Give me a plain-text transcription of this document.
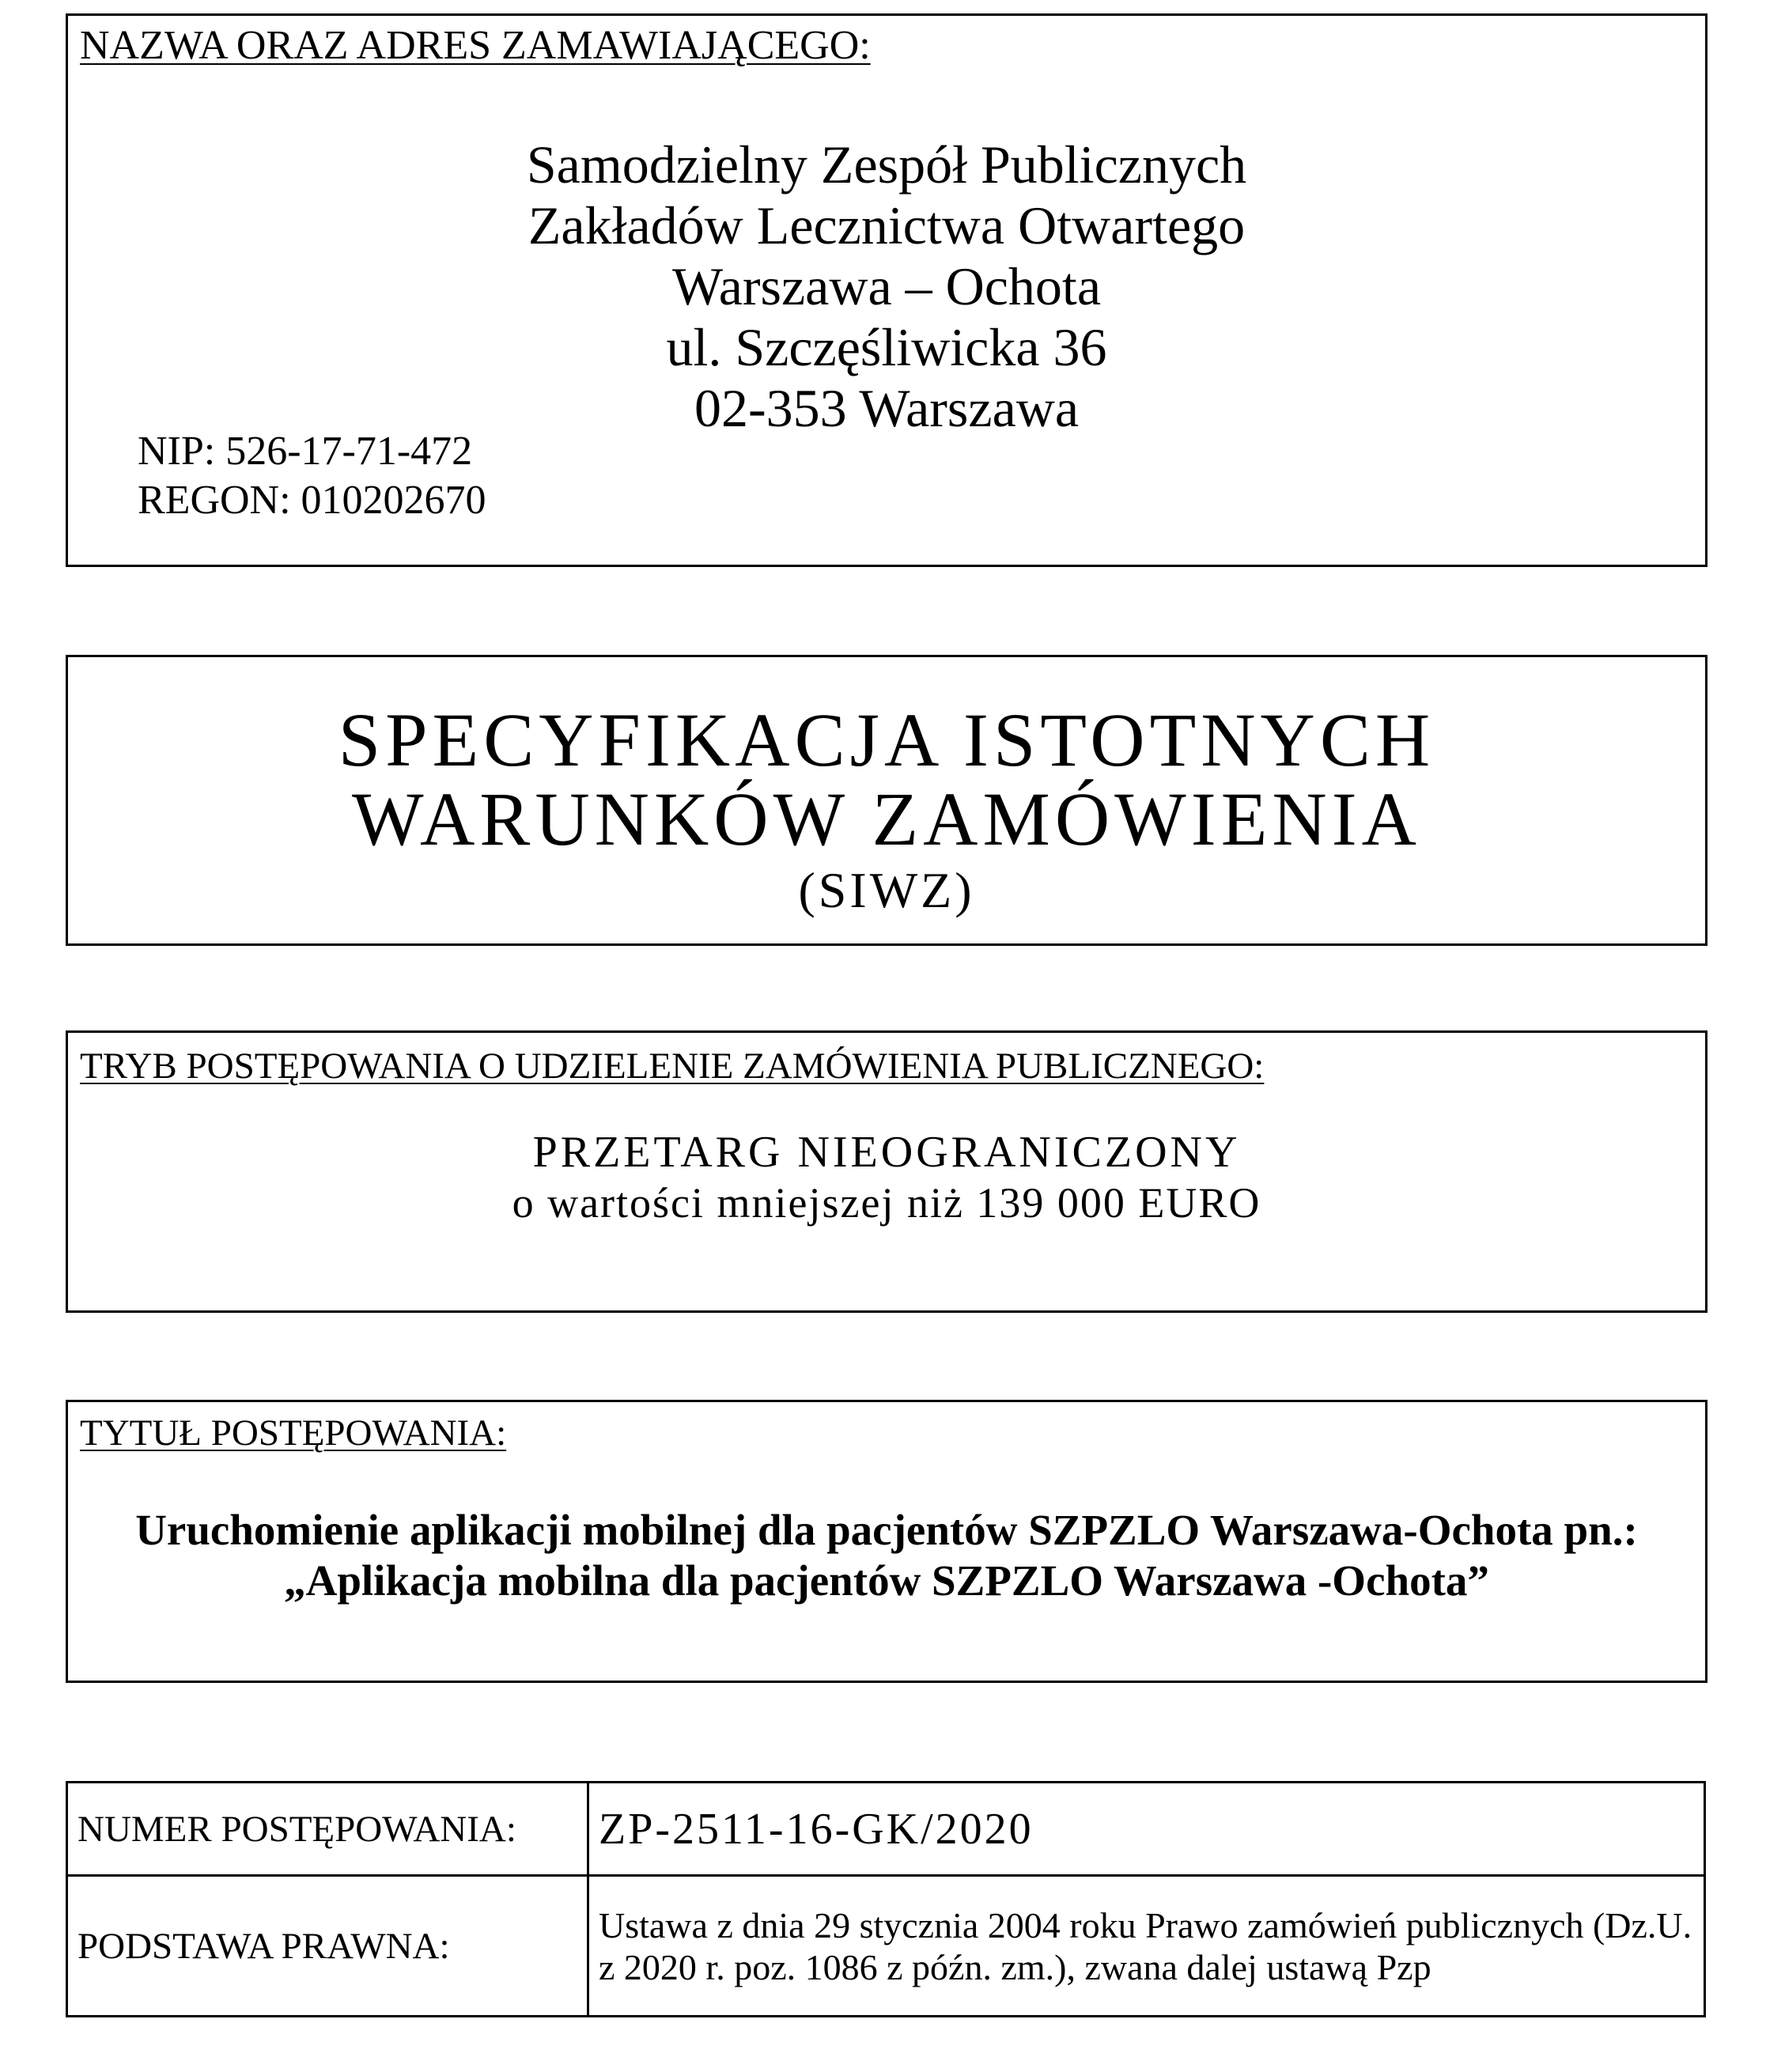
NAZWA ORAZ ADRES ZAMAWIAJĄCEGO:
Samodzielny Zespół Publicznych
Zakładów Lecznictwa Otwartego
Warszawa – Ochota
ul. Szczęśliwicka 36
02-353 Warszawa
NIP: 526-17-71-472
REGON: 010202670
SPECYFIKACJA ISTOTNYCH
WARUNKÓW ZAMÓWIENIA
(SIWZ)
TRYB POSTĘPOWANIA O UDZIELENIE ZAMÓWIENIA PUBLICZNEGO:
PRZETARG NIEOGRANICZONY
o wartości mniejszej niż 139 000 EURO
TYTUŁ POSTĘPOWANIA:
Uruchomienie aplikacji mobilnej dla pacjentów SZPZLO Warszawa-Ochota pn.:
„Aplikacja mobilna dla pacjentów SZPZLO Warszawa -Ochota”
NUMER POSTĘPOWANIA:	ZP-2511-16-GK/2020
PODSTAWA PRAWNA:	Ustawa z dnia 29 stycznia 2004 roku Prawo zamówień publicznych (Dz.U. z 2020 r. poz. 1086 z późn. zm.), zwana dalej ustawą Pzp
